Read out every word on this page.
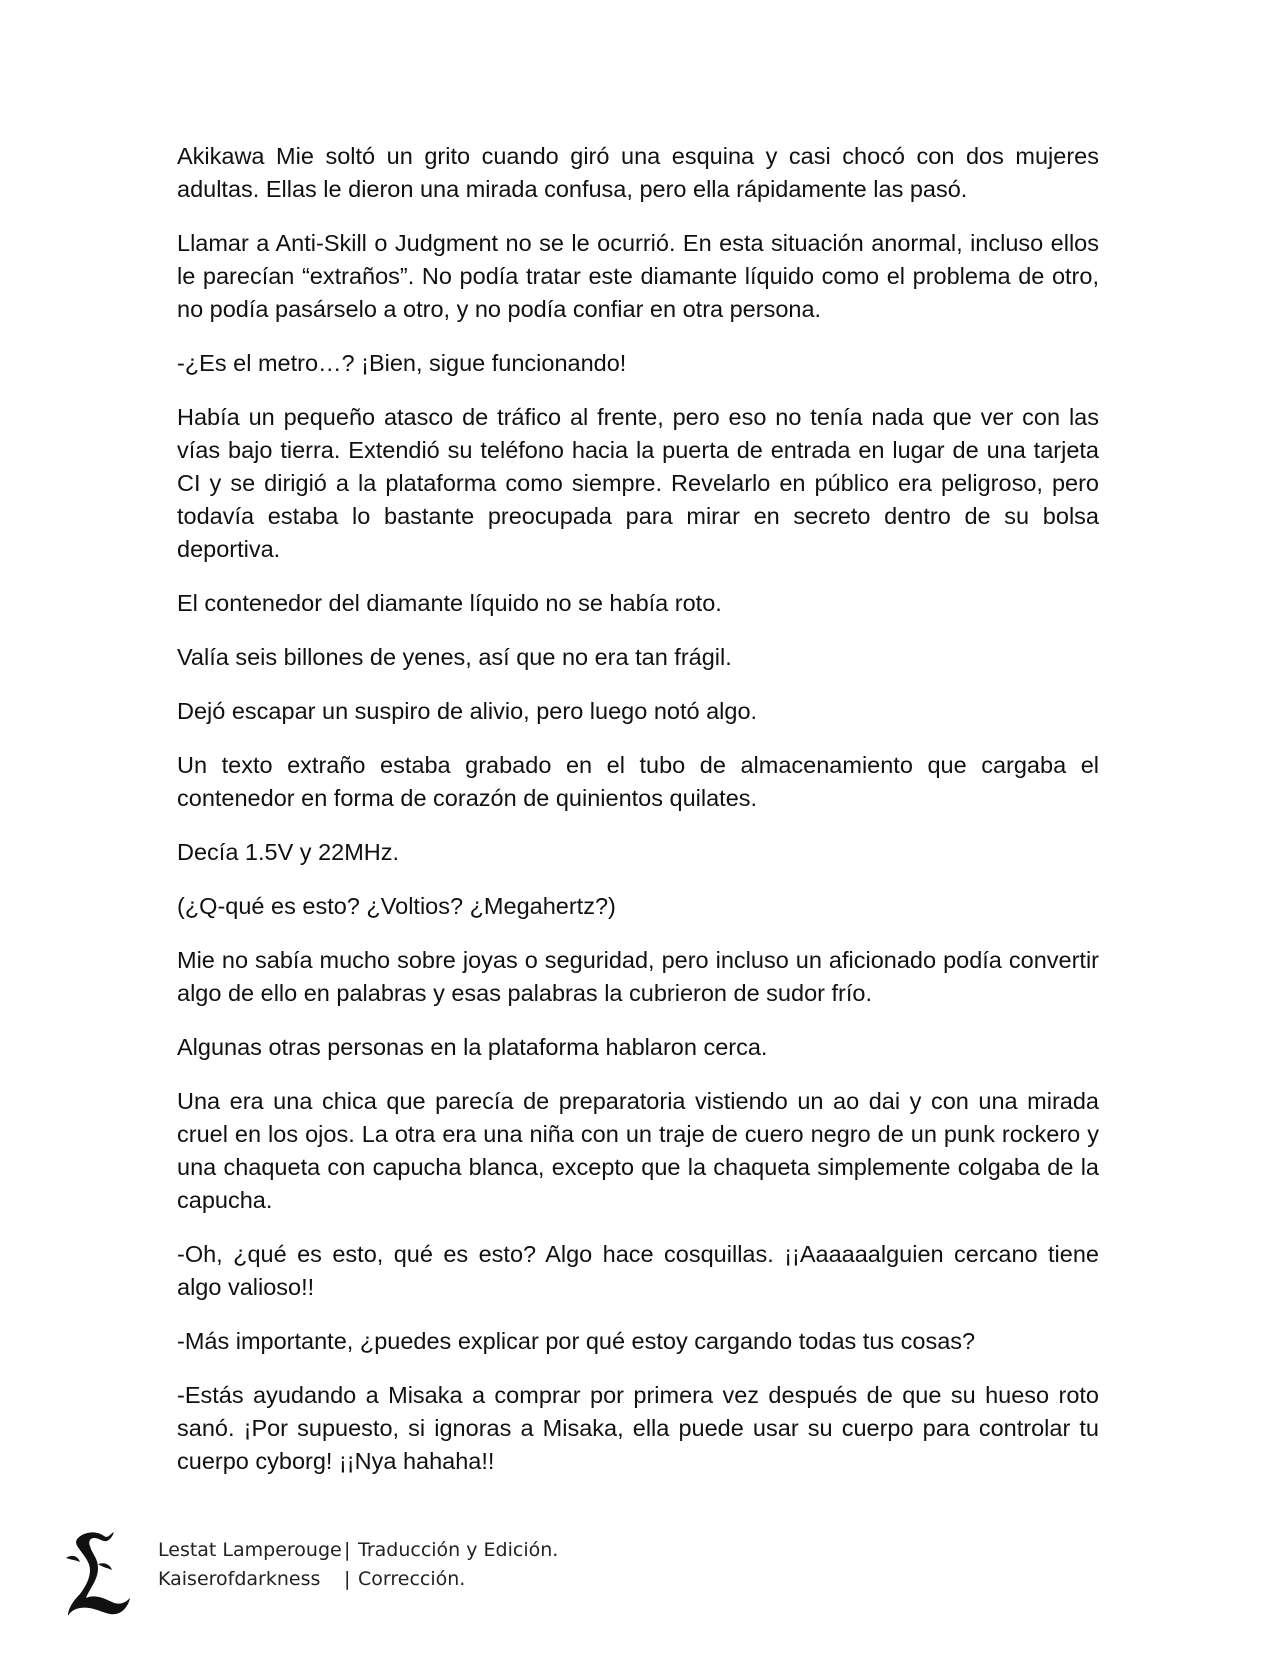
Akikawa Mie soltó un grito cuando giró una esquina y casi chocó con dos mujeres adultas. Ellas le dieron una mirada confusa, pero ella rápidamente las pasó.

Llamar a Anti-Skill o Judgment no se le ocurrió. En esta situación anormal, incluso ellos le parecían “extraños”. No podía tratar este diamante líquido como el problema de otro, no podía pasárselo a otro, y no podía confiar en otra persona.

-¿Es el metro…? ¡Bien, sigue funcionando!

Había un pequeño atasco de tráfico al frente, pero eso no tenía nada que ver con las vías bajo tierra. Extendió su teléfono hacia la puerta de entrada en lugar de una tarjeta CI y se dirigió a la plataforma como siempre. Revelarlo en público era peligroso, pero todavía estaba lo bastante preocupada para mirar en secreto dentro de su bolsa deportiva.

El contenedor del diamante líquido no se había roto.

Valía seis billones de yenes, así que no era tan frágil.

Dejó escapar un suspiro de alivio, pero luego notó algo.

Un texto extraño estaba grabado en el tubo de almacenamiento que cargaba el contenedor en forma de corazón de quinientos quilates.

Decía 1.5V y 22MHz.

(¿Q-qué es esto? ¿Voltios? ¿Megahertz?)

Mie no sabía mucho sobre joyas o seguridad, pero incluso un aficionado podía convertir algo de ello en palabras y esas palabras la cubrieron de sudor frío.

Algunas otras personas en la plataforma hablaron cerca.

Una era una chica que parecía de preparatoria vistiendo un ao dai y con una mirada cruel en los ojos. La otra era una niña con un traje de cuero negro de un punk rockero y una chaqueta con capucha blanca, excepto que la chaqueta simplemente colgaba de la capucha.

-Oh, ¿qué es esto, qué es esto? Algo hace cosquillas. ¡¡Aaaaaalguien cercano tiene algo valioso!!

-Más importante, ¿puedes explicar por qué estoy cargando todas tus cosas?

-Estás ayudando a Misaka a comprar por primera vez después de que su hueso roto sanó. ¡Por supuesto, si ignoras a Misaka, ella puede usar su cuerpo para controlar tu cuerpo cyborg! ¡¡Nya hahaha!!

Lestat Lamperouge | Traducción y Edición.
Kaiserofdarkness	| Corrección.
